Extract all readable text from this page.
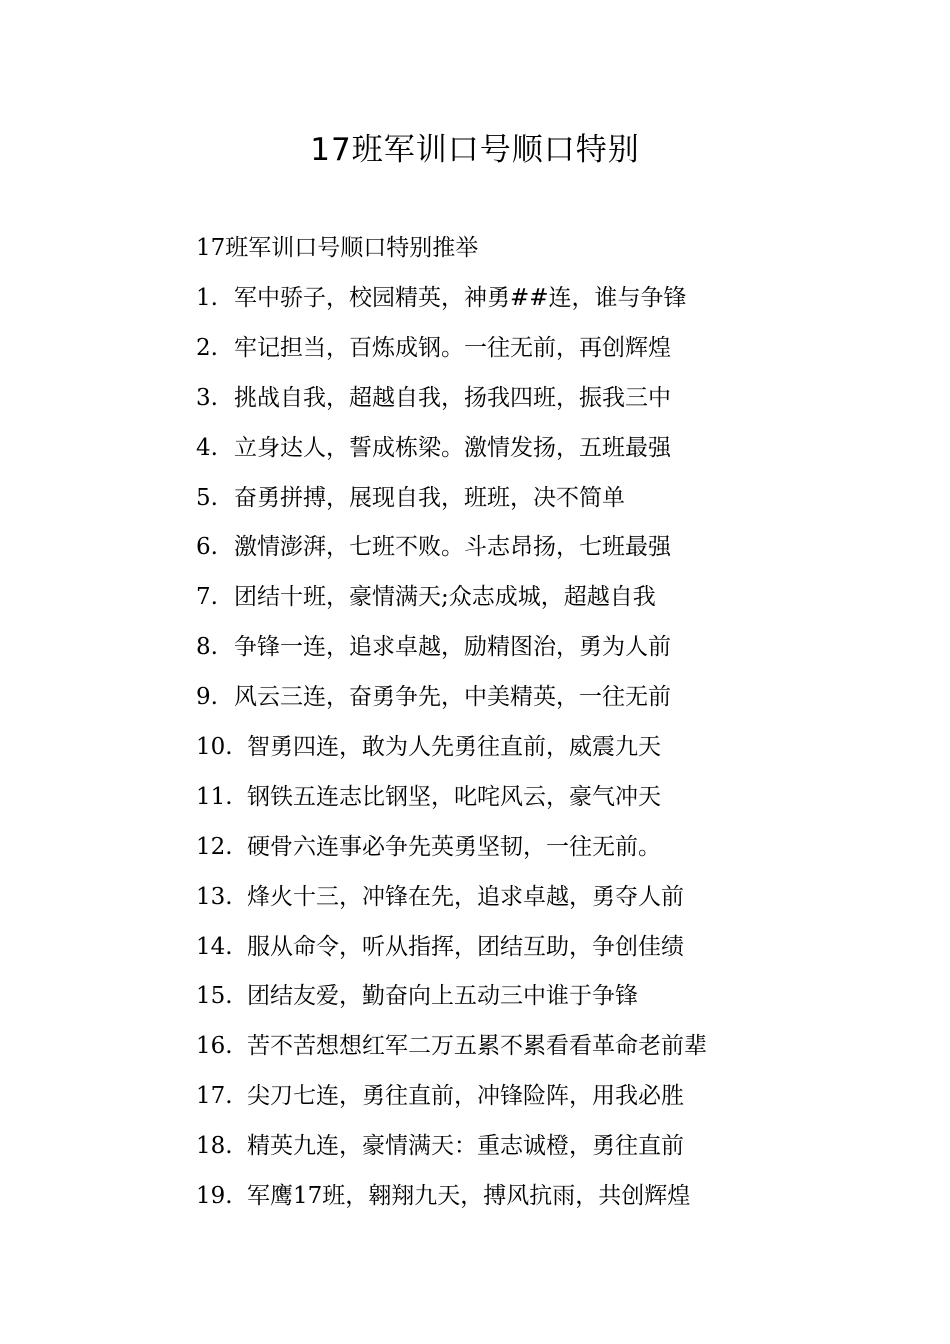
17班军训口号顺口特别

17班军训口号顺口特别推举

1. 军中骄子，校园精英，神勇##连，谁与争锋
2. 牢记担当，百炼成钢。一往无前，再创辉煌
3. 挑战自我，超越自我，扬我四班，振我三中
4. 立身达人，誓成栋梁。激情发扬，五班最强
5. 奋勇拼搏，展现自我，班班，决不简单
6. 激情澎湃，七班不败。斗志昂扬，七班最强
7. 团结十班，豪情满天;众志成城，超越自我
8. 争锋一连，追求卓越，励精图治，勇为人前
9. 风云三连，奋勇争先，中美精英，一往无前
10. 智勇四连，敢为人先勇往直前，威震九天
11. 钢铁五连志比钢坚，叱咤风云，豪气冲天
12. 硬骨六连事必争先英勇坚韧，一往无前。
13. 烽火十三，冲锋在先，追求卓越，勇夺人前
14. 服从命令，听从指挥，团结互助，争创佳绩
15. 团结友爱，勤奋向上五动三中谁于争锋
16. 苦不苦想想红军二万五累不累看看革命老前辈
17. 尖刀七连，勇往直前，冲锋险阵，用我必胜
18. 精英九连，豪情满天：重志诚橙，勇往直前
19. 军鹰17班，翱翔九天，搏风抗雨，共创辉煌
